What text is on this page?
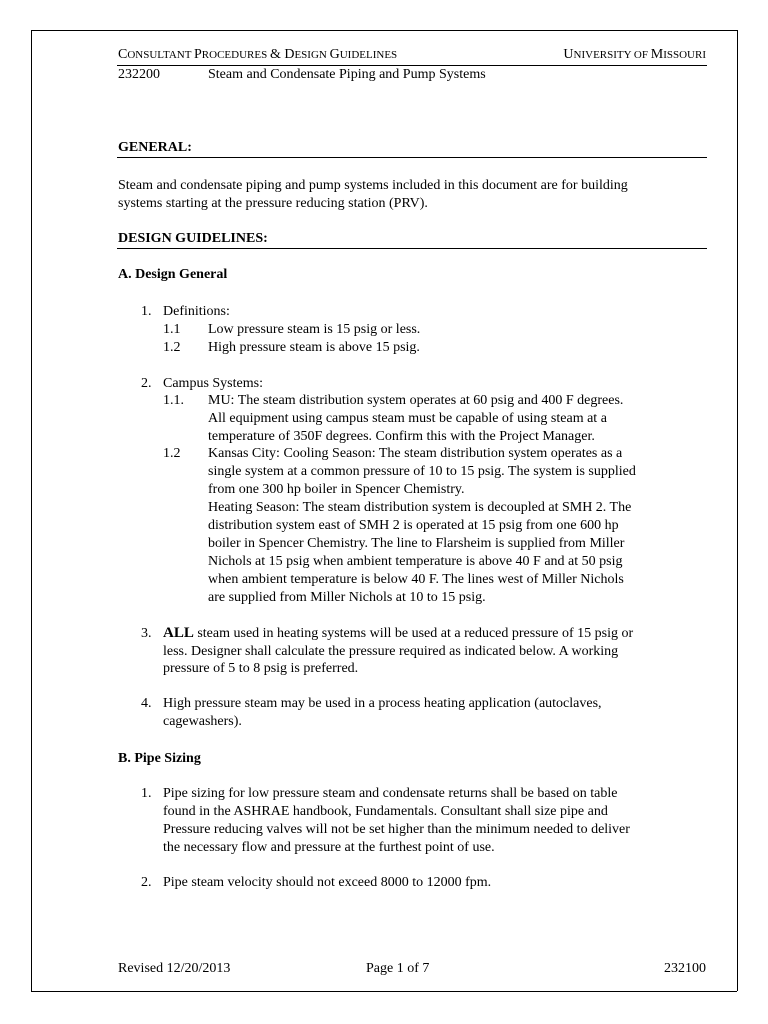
CONSULTANT PROCEDURES & DESIGN GUIDELINES	UNIVERSITY OF MISSOURI
232200	Steam and Condensate Piping and Pump Systems
GENERAL:
Steam and condensate piping and pump systems included in this document are for building
systems starting at the pressure reducing station (PRV).
DESIGN GUIDELINES:
A. Design General
1. Definitions:
1.1 Low pressure steam is 15 psig or less.
1.2 High pressure steam is above 15 psig.
2. Campus Systems:
1.1. MU: The steam distribution system operates at 60 psig and 400 F degrees.
All equipment using campus steam must be capable of using steam at a
temperature of 350F degrees. Confirm this with the Project Manager.
1.2 Kansas City: Cooling Season: The steam distribution system operates as a
single system at a common pressure of 10 to 15 psig. The system is supplied
from one 300 hp boiler in Spencer Chemistry.
Heating Season: The steam distribution system is decoupled at SMH 2. The
distribution system east of SMH 2 is operated at 15 psig from one 600 hp
boiler in Spencer Chemistry. The line to Flarsheim is supplied from Miller
Nichols at 15 psig when ambient temperature is above 40 F and at 50 psig
when ambient temperature is below 40 F. The lines west of Miller Nichols
are supplied from Miller Nichols at 10 to 15 psig.
3. ALL steam used in heating systems will be used at a reduced pressure of 15 psig or
less. Designer shall calculate the pressure required as indicated below. A working
pressure of 5 to 8 psig is preferred.
4. High pressure steam may be used in a process heating application (autoclaves,
cagewashers).
B. Pipe Sizing
1. Pipe sizing for low pressure steam and condensate returns shall be based on table
found in the ASHRAE handbook, Fundamentals. Consultant shall size pipe and
Pressure reducing valves will not be set higher than the minimum needed to deliver
the necessary flow and pressure at the furthest point of use.
2. Pipe steam velocity should not exceed 8000 to 12000 fpm.
Revised 12/20/2013	Page 1 of 7	232100
